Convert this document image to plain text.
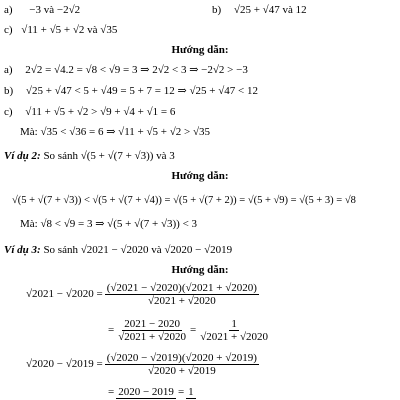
a) −3 và −2√2	b) √25 + √47 và 12
c) √11 + √5 + √2 và √35
Hướng dẫn:
a) 2√2 = √4.2 = √8 < √9 = 3 ⇒ 2√2 < 3 ⇒ −2√2 > −3
b) √25 + √47 < 5 + √49 = 5 + 7 = 12 ⇒ √25 + √47 < 12
c) √11 + √5 + √2 > √9 + √4 + √1 = 6
Mà: √35 < √36 = 6 ⇒ √11 + √5 + √2 > √35
Ví dụ 2: So sánh √(5 + √(7 + √3)) và 3
Hướng dẫn:
√(5 + √(7 + √3)) < √(5 + √(7 + √4)) = √(5 + √(7 + 2)) = √(5 + √9) = √(5 + 3) = √8
Mà: √8 < √9 = 3 ⇒ √(5 + √(7 + √3)) < 3
Ví dụ 3: So sánh √2021 − √2020 và √2020 − √2019
Hướng dẫn:
$√2021 - √2020 = \frac{(√2021 - √2020)(√2021 + √2020)}{√2021 + √2020}$
= $\frac{2021 - 2020}{√2021 + √2020} = \frac{1}{√2021 + √2020}$
$√2020 - √2019 = \frac{(√2020 - √2019)(√2020 + √2019)}{√2020 + √2019}$
= 2020 − 2019 = 1
